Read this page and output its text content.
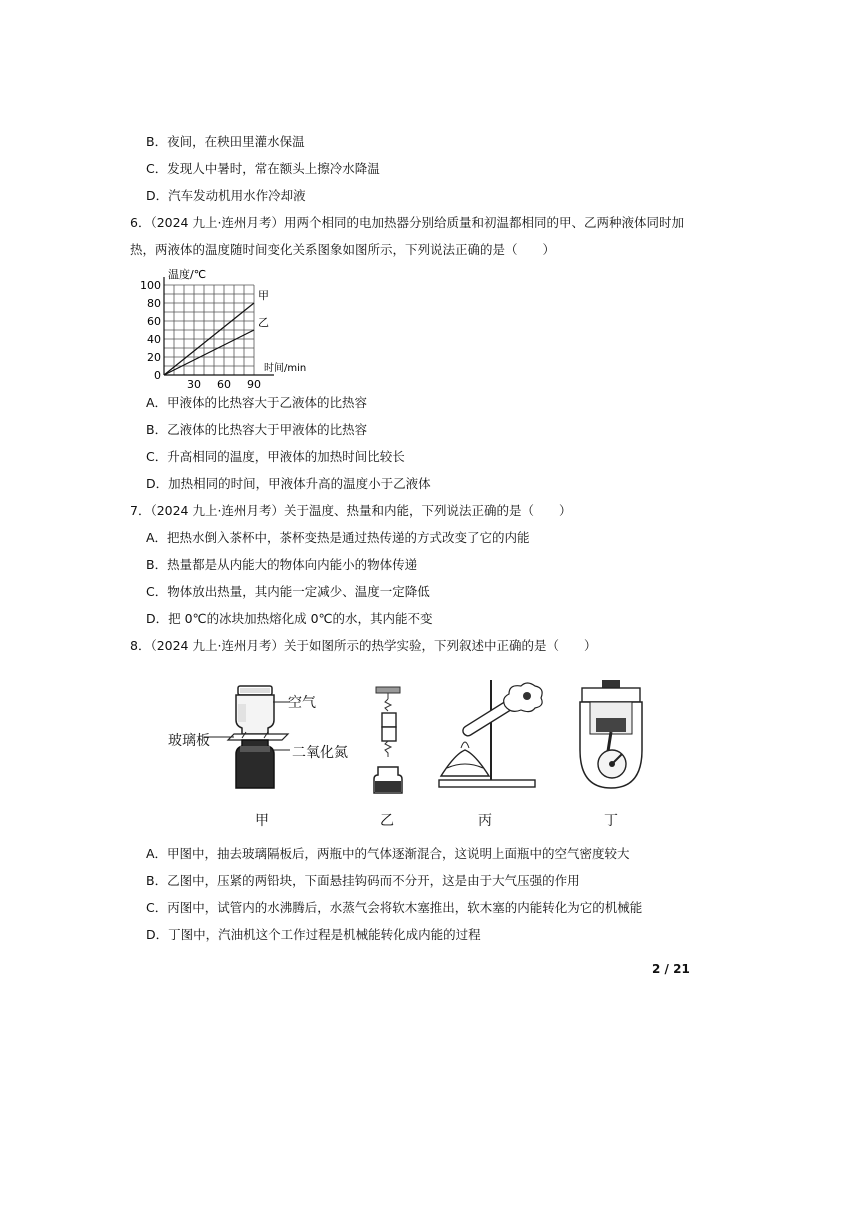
B．夜间，在秧田里灌水保温
C．发现人中暑时，常在额头上擦冷水降温
D．汽车发动机用水作冷却液
6．（2024 九上·连州月考）用两个相同的电加热器分别给质量和初温都相同的甲、乙两种液体同时加
热，两液体的温度随时间变化关系图象如图所示，下列说法正确的是（　　）
0
20
40
60
80
100
30 60 90
温度/℃
时间/min
甲
乙
A．甲液体的比热容大于乙液体的比热容
B．乙液体的比热容大于甲液体的比热容
C．升高相同的温度，甲液体的加热时间比较长
D．加热相同的时间，甲液体升高的温度小于乙液体
7．（2024 九上·连州月考）关于温度、热量和内能，下列说法正确的是（　　）
A．把热水倒入茶杯中，茶杯变热是通过热传递的方式改变了它的内能
B．热量都是从内能大的物体向内能小的物体传递
C．物体放出热量，其内能一定减少、温度一定降低
D．把 0℃的冰块加热熔化成 0℃的水，其内能不变
8．（2024 九上·连州月考）关于如图所示的热学实验，下列叙述中正确的是（　　）
空气
玻璃板
二氧化氮
甲	乙	丙	丁
A．甲图中，抽去玻璃隔板后，两瓶中的气体逐渐混合，这说明上面瓶中的空气密度较大
B．乙图中，压紧的两铅块，下面悬挂钩码而不分开，这是由于大气压强的作用
C．丙图中，试管内的水沸腾后，水蒸气会将软木塞推出，软木塞的内能转化为它的机械能
D．丁图中，汽油机这个工作过程是机械能转化成内能的过程
2 / 21
